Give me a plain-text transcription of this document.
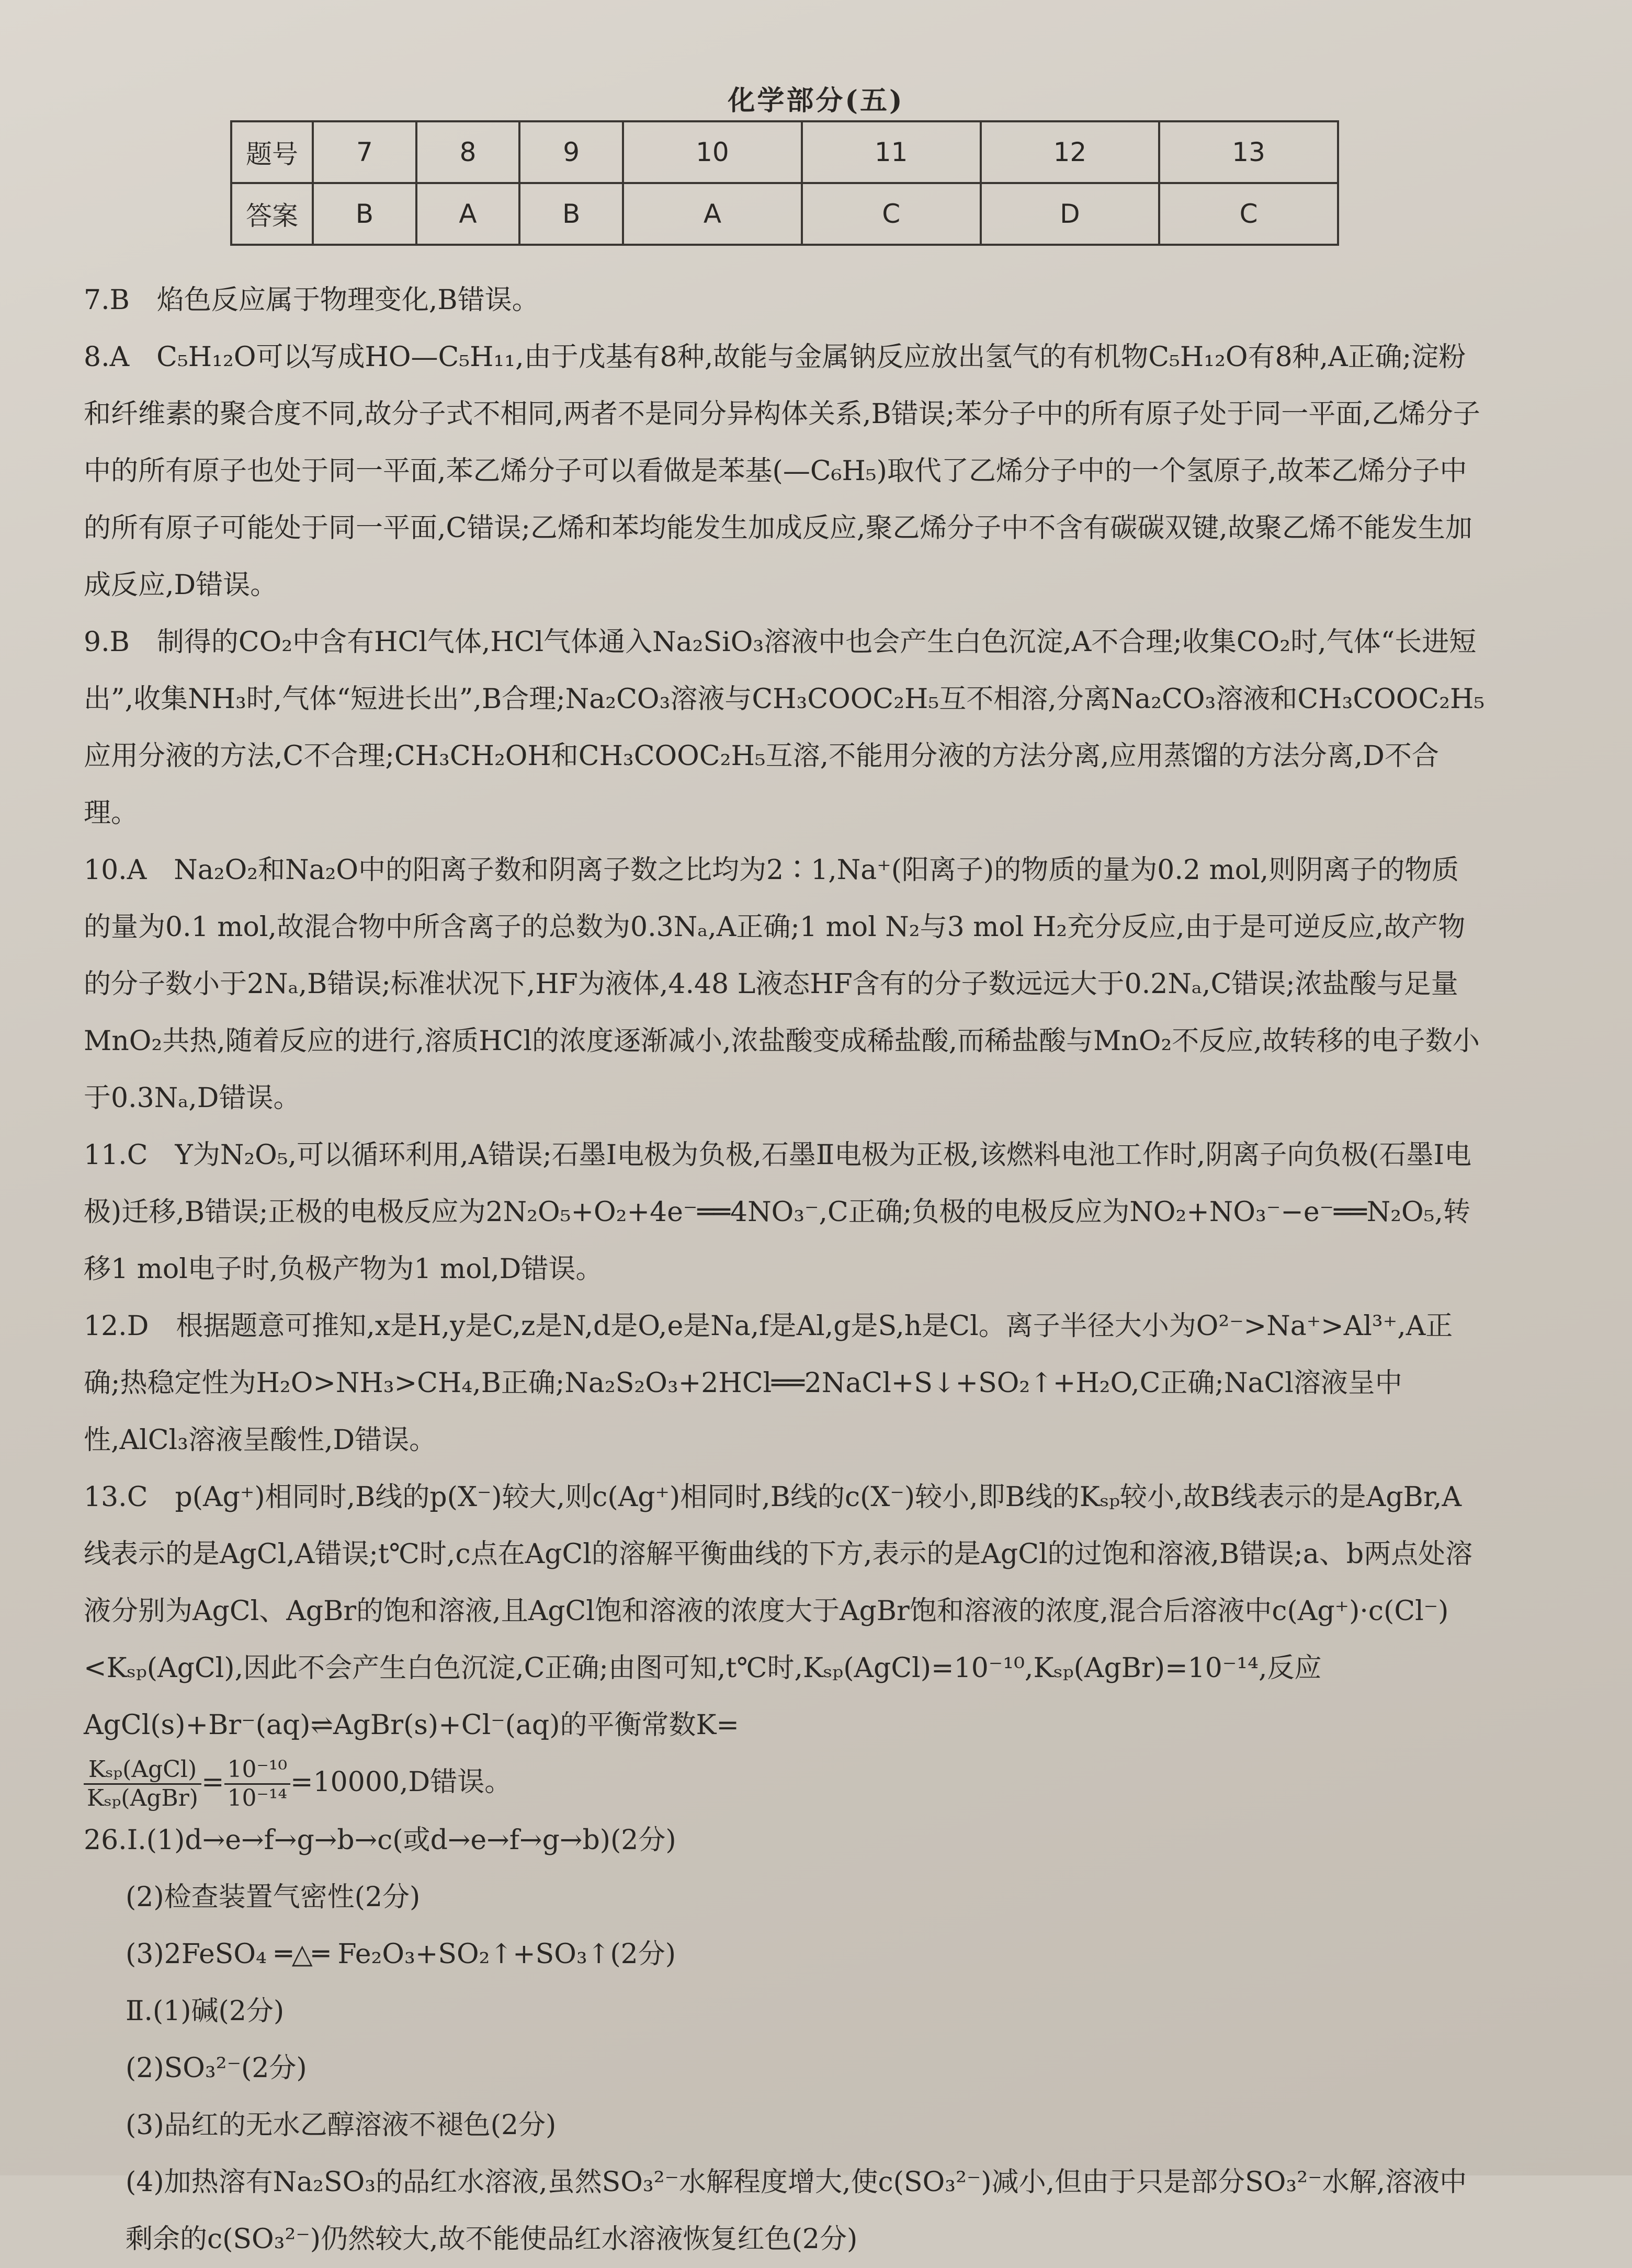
化学部分(五)
题号	7	8	9	10	11	12	13
答案	B	A	B	A	C	D	C
7.B　焰色反应属于物理变化,B错误。
8.A　C₅H₁₂O可以写成HO—C₅H₁₁,由于戊基有8种,故能与金属钠反应放出氢气的有机物C₅H₁₂O有8种,A正确;淀粉和纤维素的聚合度不同,故分子式不相同,两者不是同分异构体关系,B错误;苯分子中的所有原子处于同一平面,乙烯分子中的所有原子也处于同一平面,苯乙烯分子可以看做是苯基(—C₆H₅)取代了乙烯分子中的一个氢原子,故苯乙烯分子中的所有原子可能处于同一平面,C错误;乙烯和苯均能发生加成反应,聚乙烯分子中不含有碳碳双键,故聚乙烯不能发生加成反应,D错误。
9.B　制得的CO₂中含有HCl气体,HCl气体通入Na₂SiO₃溶液中也会产生白色沉淀,A不合理;收集CO₂时,气体“长进短出”,收集NH₃时,气体“短进长出”,B合理;Na₂CO₃溶液与CH₃COOC₂H₅互不相溶,分离Na₂CO₃溶液和CH₃COOC₂H₅应用分液的方法,C不合理;CH₃CH₂OH和CH₃COOC₂H₅互溶,不能用分液的方法分离,应用蒸馏的方法分离,D不合理。
10.A　Na₂O₂和Na₂O中的阳离子数和阴离子数之比均为2∶1,Na⁺(阳离子)的物质的量为0.2 mol,则阴离子的物质的量为0.1 mol,故混合物中所含离子的总数为0.3Nₐ,A正确;1 mol N₂与3 mol H₂充分反应,由于是可逆反应,故产物的分子数小于2Nₐ,B错误;标准状况下,HF为液体,4.48 L液态HF含有的分子数远远大于0.2Nₐ,C错误;浓盐酸与足量MnO₂共热,随着反应的进行,溶质HCl的浓度逐渐减小,浓盐酸变成稀盐酸,而稀盐酸与MnO₂不反应,故转移的电子数小于0.3Nₐ,D错误。
11.C　Y为N₂O₅,可以循环利用,A错误;石墨Ⅰ电极为负极,石墨Ⅱ电极为正极,该燃料电池工作时,阴离子向负极(石墨Ⅰ电极)迁移,B错误;正极的电极反应为2N₂O₅+O₂+4e⁻══4NO₃⁻,C正确;负极的电极反应为NO₂+NO₃⁻−e⁻══N₂O₅,转移1 mol电子时,负极产物为1 mol,D错误。
12.D　根据题意可推知,x是H,y是C,z是N,d是O,e是Na,f是Al,g是S,h是Cl。离子半径大小为O²⁻>Na⁺>Al³⁺,A正确;热稳定性为H₂O>NH₃>CH₄,B正确;Na₂S₂O₃+2HCl══2NaCl+S↓+SO₂↑+H₂O,C正确;NaCl溶液呈中性,AlCl₃溶液呈酸性,D错误。
13.C　p(Ag⁺)相同时,B线的p(X⁻)较大,则c(Ag⁺)相同时,B线的c(X⁻)较小,即B线的Kₛₚ较小,故B线表示的是AgBr,A线表示的是AgCl,A错误;t℃时,c点在AgCl的溶解平衡曲线的下方,表示的是AgCl的过饱和溶液,B错误;a、b两点处溶液分别为AgCl、AgBr的饱和溶液,且AgCl饱和溶液的浓度大于AgBr饱和溶液的浓度,混合后溶液中c(Ag⁺)·c(Cl⁻)<Kₛₚ(AgCl),因此不会产生白色沉淀,C正确;由图可知,t℃时,Kₛₚ(AgCl)=10⁻¹⁰,Kₛₚ(AgBr)=10⁻¹⁴,反应AgCl(s)+Br⁻(aq)⇌AgBr(s)+Cl⁻(aq)的平衡常数K=

$\frac{\text{Kₛₚ(AgCl)}}{\text{Kₛₚ(AgBr)}} = \frac{\text{10⁻¹⁰}}{\text{10⁻¹⁴}} =10000,D$错误。
26.Ⅰ.(1)d→e→f→g→b→c(或d→e→f→g→b)(2分)
(2)检查装置气密性(2分)
(3)2FeSO₄ ═△═ Fe₂O₃+SO₂↑+SO₃↑(2分)
Ⅱ.(1)碱(2分)
(2)SO₃²⁻(2分)
(3)品红的无水乙醇溶液不褪色(2分)
(4)加热溶有Na₂SO₃的品红水溶液,虽然SO₃²⁻水解程度增大,使c(SO₃²⁻)减小,但由于只是部分SO₃²⁻水解,溶液中剩余的c(SO₃²⁻)仍然较大,故不能使品红水溶液恢复红色(2分)
